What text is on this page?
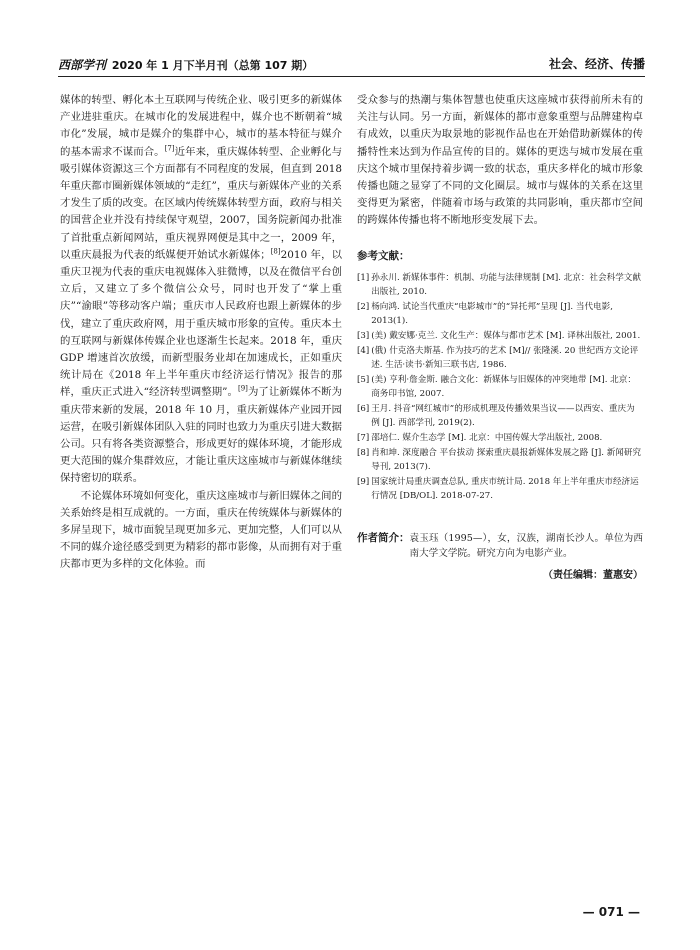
西部学刊 2020 年 1 月下半月刊（总第 107 期）	社会、经济、传播

媒体的转型、孵化本土互联网与传统企业、吸引更多的新媒体产业进驻重庆。在城市化的发展进程中，媒介也不断朝着“城市化”发展，城市是媒介的集群中心，城市的基本特征与媒介的基本需求不谋而合。[7]近年来，重庆媒体转型、企业孵化与吸引媒体资源这三个方面都有不同程度的发展，但直到 2018 年重庆都市圈新媒体领域的“走红”，重庆与新媒体产业的关系才发生了质的改变。在区域内传统媒体转型方面，政府与相关的国营企业并没有持续保守观望，2007，国务院新闻办批准了首批重点新闻网站，重庆视界网便是其中之一，2009 年，以重庆晨报为代表的纸媒便开始试水新媒体；[8]2010 年，以重庆卫视为代表的重庆电视媒体入驻微博，以及在微信平台创立后，又建立了多个微信公众号，同时也开发了“掌上重庆”“渝眼”等移动客户端；重庆市人民政府也跟上新媒体的步伐，建立了重庆政府网，用于重庆城市形象的宣传。重庆本土的互联网与新媒体传媒企业也逐渐生长起来。2018 年，重庆 GDP 增速首次放缓，而新型服务业却在加速成长，正如重庆统计局在《2018 年上半年重庆市经济运行情况》报告的那样，重庆正式进入“经济转型调整期”。[9]为了让新媒体不断为重庆带来新的发展，2018 年 10 月，重庆新媒体产业园开园运营，在吸引新媒体团队入驻的同时也致力为重庆引进大数据公司。只有将各类资源整合，形成更好的媒体环境，才能形成更大范围的媒介集群效应，才能让重庆这座城市与新媒体继续保持密切的联系。

不论媒体环境如何变化，重庆这座城市与新旧媒体之间的关系始终是相互成就的。一方面，重庆在传统媒体与新媒体的多屏呈现下，城市面貌呈现更加多元、更加完整，人们可以从不同的媒介途径感受到更为精彩的都市影像，从而拥有对于重庆都市更为多样的文化体验。而

受众参与的热潮与集体智慧也使重庆这座城市获得前所未有的关注与认同。另一方面，新媒体的都市意象重塑与品牌建构卓有成效，以重庆为取景地的影视作品也在开始借助新媒体的传播特性来达到为作品宣传的目的。媒体的更迭与城市发展在重庆这个城市里保持着步调一致的状态，重庆多样化的城市形象传播也随之显穿了不同的文化圈层。城市与媒体的关系在这里变得更为紧密，伴随着市场与政策的共同影响，重庆都市空间的跨媒体传播也将不断地形变发展下去。

参考文献：
[1] 孙永川. 新媒体事件：机制、功能与法律规制 [M]. 北京：社会科学文献出版社, 2010.
[2] 杨向鸿. 试论当代重庆“电影城市”的“异托邦”呈现 [J]. 当代电影, 2013(1).
[3] (美) 戴安娜·克兰. 文化生产：媒体与都市艺术 [M]. 译林出版社, 2001.
[4] (俄) 什克洛夫斯基. 作为技巧的艺术 [M]// 张隆溪. 20 世纪西方文论评述. 生活·读书·新知三联书店, 1986.
[5] (美) 亨利·詹金斯. 融合文化：新媒体与旧媒体的冲突地带 [M]. 北京：商务印书馆, 2007.
[6] 王月. 抖音“网红城市”的形成机理及传播效果当议——以西安、重庆为例 [J]. 西部学刊, 2019(2).
[7] 邵培仁. 媒介生态学 [M]. 北京：中国传媒大学出版社, 2008.
[8] 肖和坤. 深度融合 平台拔动 探索重庆晨报新媒体发展之路 [J]. 新闻研究导刊, 2013(7).
[9] 国家统计局重庆调查总队, 重庆市统计局. 2018 年上半年重庆市经济运行情况 [DB/OL]. 2018-07-27.
作者简介： 袁玉珏（1995—），女，汉族，湖南长沙人。单位为西南大学文学院。研究方向为电影产业。
（责任编辑：董惠安）
— 071 —
